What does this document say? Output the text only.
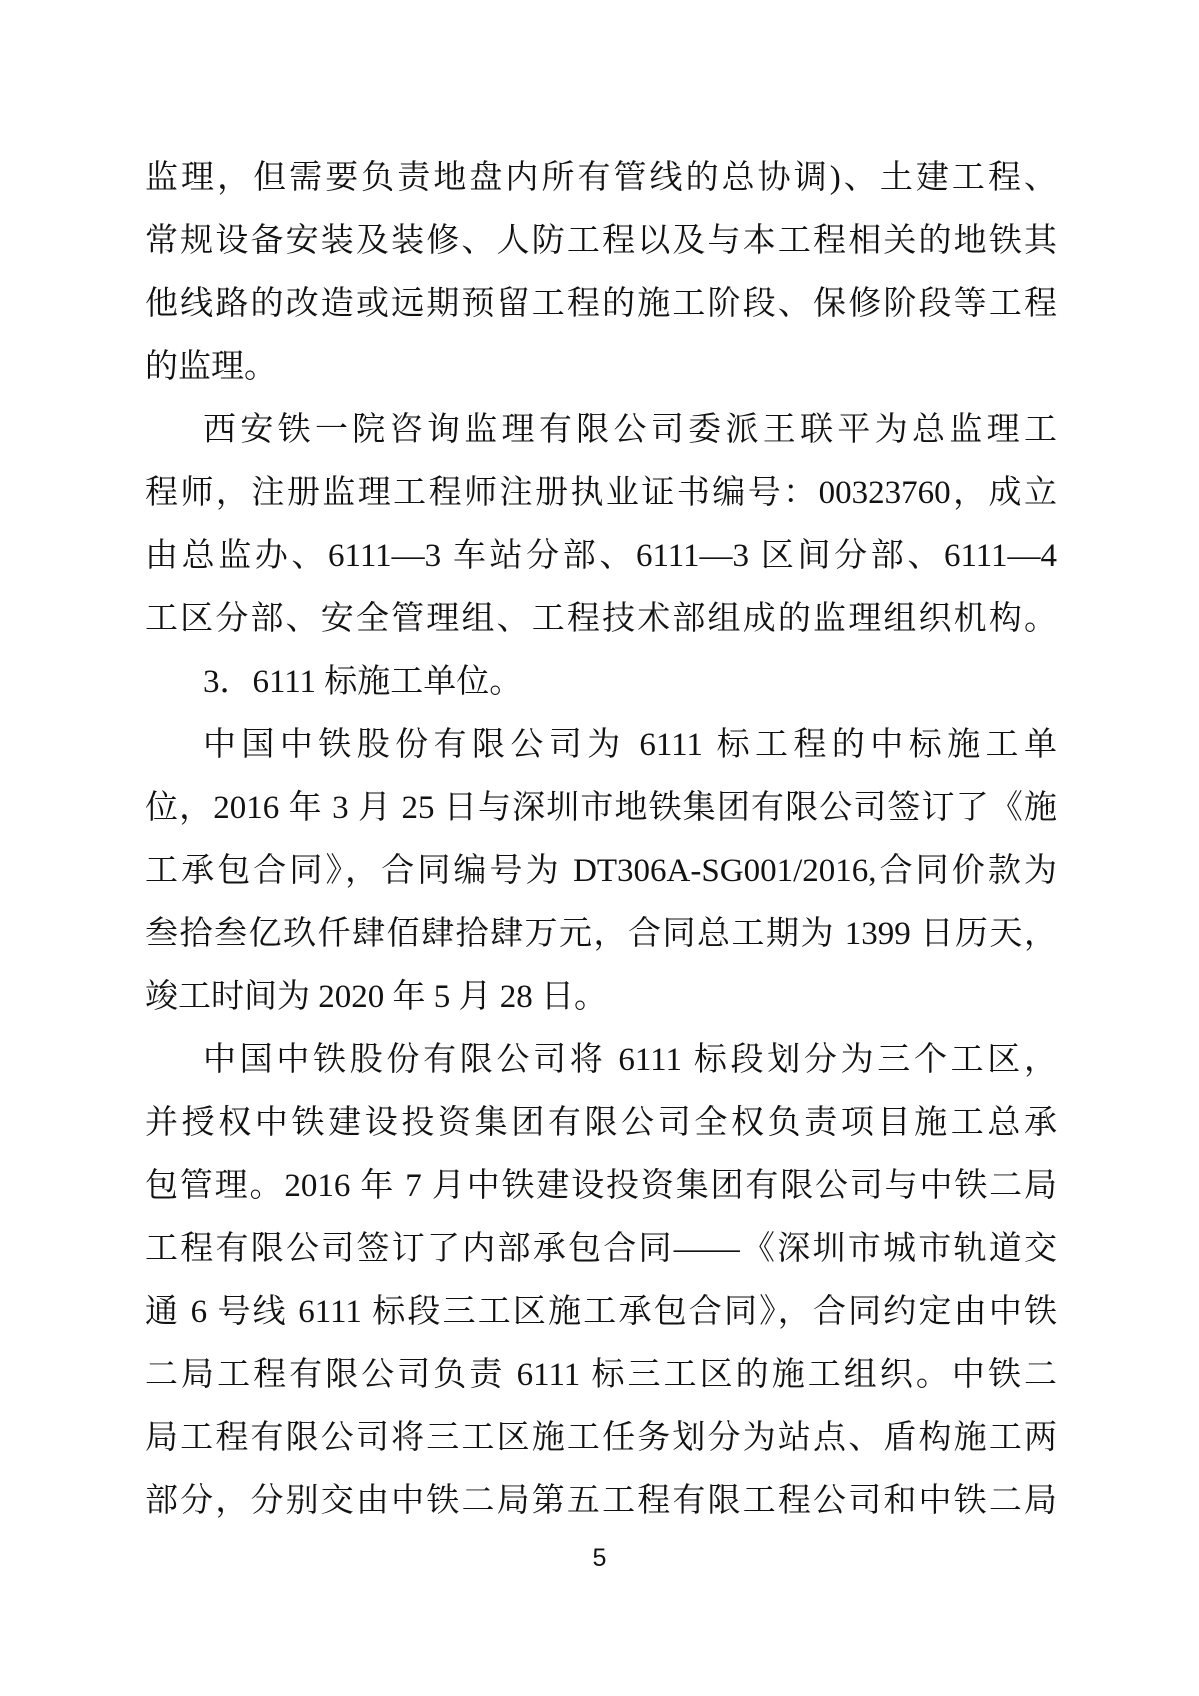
监理，但需要负责地盘内所有管线的总协调)、土建工程、
常规设备安装及装修、人防工程以及与本工程相关的地铁其
他线路的改造或远期预留工程的施工阶段、保修阶段等工程
的监理。
西安铁一院咨询监理有限公司委派王联平为总监理工
程师，注册监理工程师注册执业证书编号：00323760，成立
由总监办、6111—3 车站分部、6111—3 区间分部、6111—4
工区分部、安全管理组、工程技术部组成的监理组织机构。
3．6111 标施工单位。
中国中铁股份有限公司为 6111 标工程的中标施工单
位，2016 年 3 月 25 日与深圳市地铁集团有限公司签订了《施
工承包合同》，合同编号为 DT306A-SG001/2016,合同价款为
叁拾叁亿玖仟肆佰肆拾肆万元，合同总工期为 1399 日历天，
竣工时间为 2020 年 5 月 28 日。
中国中铁股份有限公司将 6111 标段划分为三个工区，
并授权中铁建设投资集团有限公司全权负责项目施工总承
包管理。2016 年 7 月中铁建设投资集团有限公司与中铁二局
工程有限公司签订了内部承包合同——《深圳市城市轨道交
通 6 号线 6111 标段三工区施工承包合同》，合同约定由中铁
二局工程有限公司负责 6111 标三工区的施工组织。中铁二
局工程有限公司将三工区施工任务划分为站点、盾构施工两
部分，分别交由中铁二局第五工程有限工程公司和中铁二局
5
